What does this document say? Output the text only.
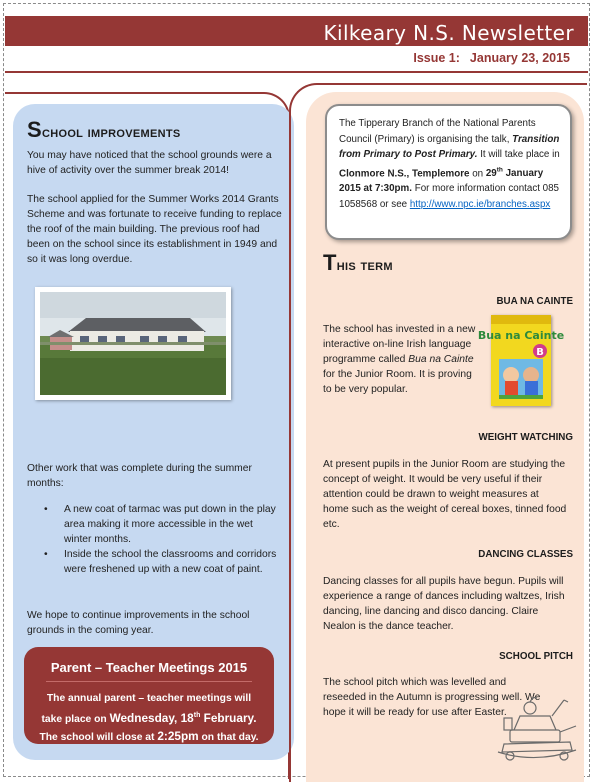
Kilkeary N.S. Newsletter
Issue 1: January 23, 2015
School improvements
You may have noticed that the school grounds were a hive of activity over the summer break 2014!
The school applied for the Summer Works 2014 Grants Scheme and was fortunate to receive funding to replace the roof of the main building. The previous roof had been on the school since its establishment in 1949 and so it was long overdue.
Other work that was complete during the summer months:
• A new coat of tarmac was put down in the play area making it more accessible in the wet winter months.
• Inside the school the classrooms and corridors were freshened up with a new coat of paint.
We hope to continue improvements in the school grounds in the coming year.
Parent – Teacher Meetings 2015
The annual parent – teacher meetings will
take place on Wednesday, 18th February.
The school will close at 2:25pm on that day.
The Tipperary Branch of the National Parents Council (Primary) is organising the talk, Transition from Primary to Post Primary. It will take place in Clonmore N.S., Templemore on 29th January 2015 at 7:30pm. For more information contact 085 1058568 or see http://www.npc.ie/branches.aspx
This term
BUA NA CAINTE
The school has invested in a new interactive on-line Irish language programme called Bua na Cainte for the Junior Room. It is proving to be very popular.
Bua na Cainte
B
WEIGHT WATCHING
At present pupils in the Junior Room are studying the concept of weight. It would be very useful if their attention could be drawn to weight measures at home such as the weight of cereal boxes, tinned food etc.
DANCING CLASSES
Dancing classes for all pupils have begun. Pupils will experience a range of dances including waltzes, Irish dancing, line dancing and disco dancing. Claire Nealon is the dance teacher.
SCHOOL PITCH
The school pitch which was levelled and reseeded in the Autumn is progressing well. We hope it will be ready for use after Easter.
